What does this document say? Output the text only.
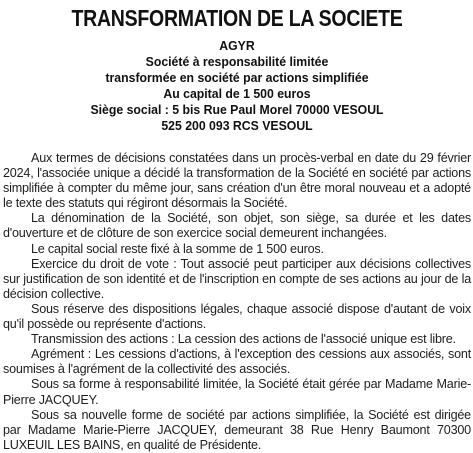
TRANSFORMATION DE LA SOCIETE
AGYR
Société à responsabilité limitée
transformée en société par actions simplifiée
Au capital de 1 500 euros
Siège social : 5 bis Rue Paul Morel 70000 VESOUL
525 200 093 RCS VESOUL

Aux termes de décisions constatées dans un procès-verbal en date du 29 février 2024, l'associée unique a décidé la transformation de la Société en société par actions simplifiée à compter du même jour, sans création d'un être moral nouveau et a adopté le texte des statuts qui régiront désormais la Société.

La dénomination de la Société, son objet, son siège, sa durée et les dates d'ouverture et de clôture de son exercice social demeurent inchangées.

Le capital social reste fixé à la somme de 1 500 euros.

Exercice du droit de vote : Tout associé peut participer aux décisions collectives sur justification de son identité et de l'inscription en compte de ses actions au jour de la décision collective.

Sous réserve des dispositions légales, chaque associé dispose d'autant de voix qu'il possède ou représente d'actions.

Transmission des actions : La cession des actions de l'associé unique est libre.

Agrément : Les cessions d'actions, à l'exception des cessions aux associés, sont soumises à l'agrément de la collectivité des associés.

Sous sa forme à responsabilité limitée, la Société était gérée par Madame Marie-Pierre JACQUEY.

Sous sa nouvelle forme de société par actions simplifiée, la Société est dirigée par Madame Marie-Pierre JACQUEY, demeurant 38 Rue Henry Baumont 70300 LUXEUIL LES BAINS, en qualité de Présidente.
